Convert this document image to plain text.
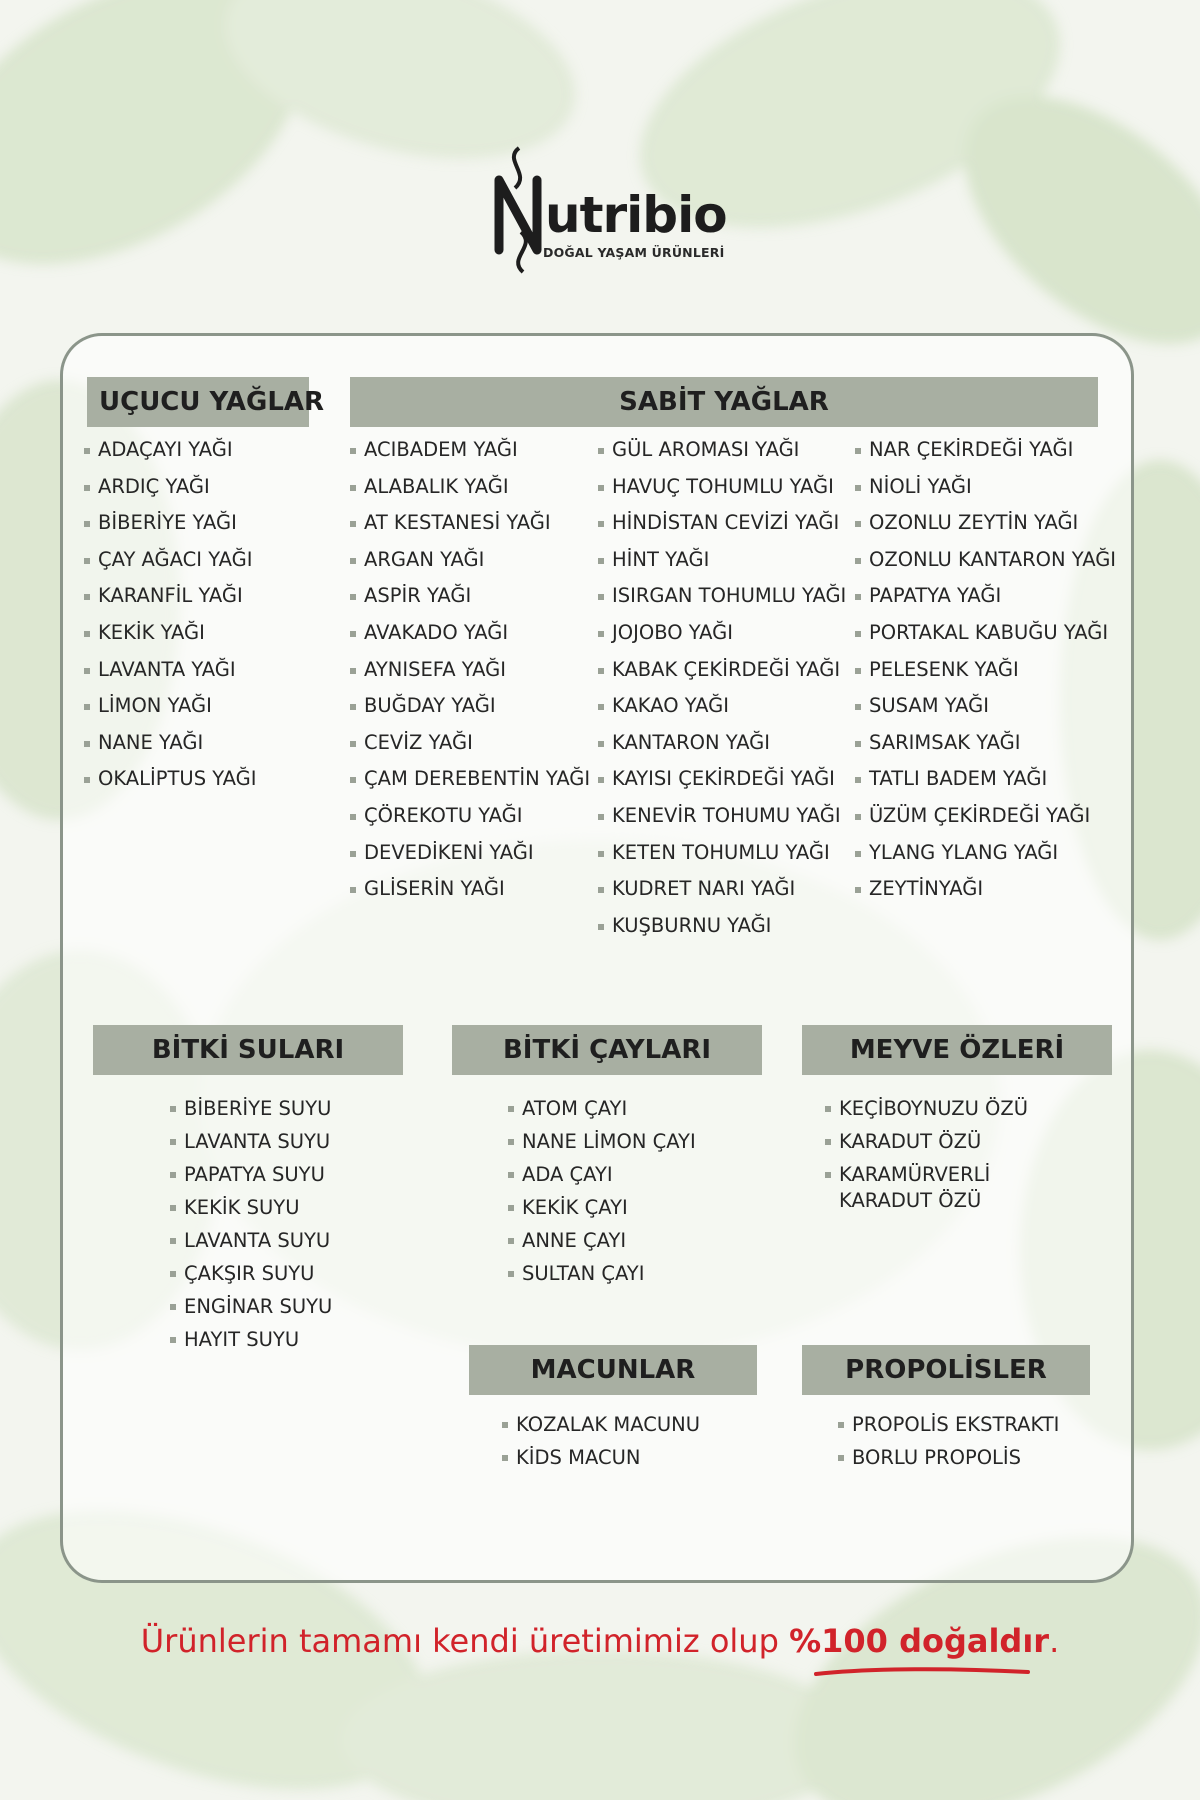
utribio
DOĞAL YAŞAM ÜRÜNLERİ
UÇUCU YAĞLAR
ADAÇAYI YAĞI
ARDIÇ YAĞI
BİBERİYE YAĞI
ÇAY AĞACI YAĞI
KARANFİL YAĞI
KEKİK YAĞI
LAVANTA YAĞI
LİMON YAĞI
NANE YAĞI
OKALİPTUS YAĞI
SABİT YAĞLAR
ACIBADEM YAĞI
ALABALIK YAĞI
AT KESTANESİ YAĞI
ARGAN YAĞI
ASPİR YAĞI
AVAKADO YAĞI
AYNISEFA YAĞI
BUĞDAY YAĞI
CEVİZ YAĞI
ÇAM DEREBENTİN YAĞI
ÇÖREKOTU YAĞI
DEVEDİKENİ YAĞI
GLİSERİN YAĞI
GÜL AROMASI YAĞI
HAVUÇ TOHUMLU YAĞI
HİNDİSTAN CEVİZİ YAĞI
HİNT YAĞI
ISIRGAN TOHUMLU YAĞI
JOJOBO YAĞI
KABAK ÇEKİRDEĞİ YAĞI
KAKAO YAĞI
KANTARON YAĞI
KAYISI ÇEKİRDEĞİ YAĞI
KENEVİR TOHUMU YAĞI
KETEN TOHUMLU YAĞI
KUDRET NARI YAĞI
KUŞBURNU YAĞI
NAR ÇEKİRDEĞİ YAĞI
NİOLİ YAĞI
OZONLU ZEYTİN YAĞI
OZONLU KANTARON YAĞI
PAPATYA YAĞI
PORTAKAL KABUĞU YAĞI
PELESENK YAĞI
SUSAM YAĞI
SARIMSAK YAĞI
TATLI BADEM YAĞI
ÜZÜM ÇEKİRDEĞİ YAĞI
YLANG YLANG YAĞI
ZEYTİNYAĞI
BİTKİ SULARI
BİBERİYE SUYU
LAVANTA SUYU
PAPATYA SUYU
KEKİK SUYU
LAVANTA SUYU
ÇAKŞIR SUYU
ENGİNAR SUYU
HAYIT SUYU
BİTKİ ÇAYLARI
ATOM ÇAYI
NANE LİMON ÇAYI
ADA ÇAYI
KEKİK ÇAYI
ANNE ÇAYI
SULTAN ÇAYI
MEYVE ÖZLERİ
KEÇİBOYNUZU ÖZÜ
KARADUT ÖZÜ
KARAMÜRVERLİ KARADUT ÖZÜ
MACUNLAR
KOZALAK MACUNU
KİDS MACUN
PROPOLİSLER
PROPOLİS EKSTRAKTI
BORLU PROPOLİS
Ürünlerin tamamı kendi üretimimiz olup %100 doğaldır.
